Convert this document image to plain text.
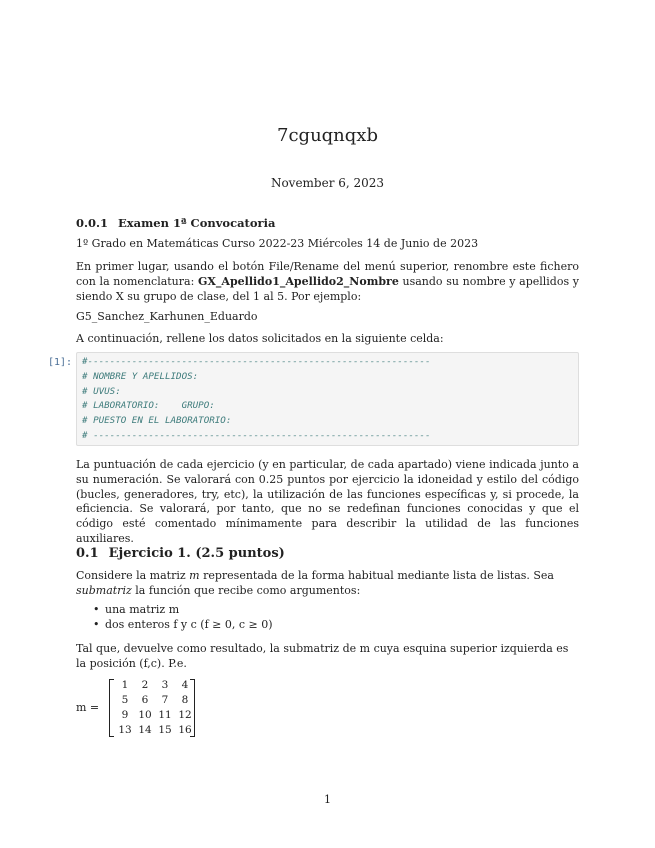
7cguqnqxb
November 6, 2023
0.0.1 Examen 1ª Convocatoria
1º Grado en Matemáticas Curso 2022-23 Miércoles 14 de Junio de 2023
En primer lugar, usando el botón File/Rename del menú superior, renombre este fichero con la nomenclatura: GX_Apellido1_Apellido2_Nombre usando su nombre y apellidos y siendo X su grupo de clase, del 1 al 5. Por ejemplo:
G5_Sanchez_Karhunen_Eduardo
A continuación, rellene los datos solicitados en la siguiente celda:
[1]: #--------------------------------------------------------------
# NOMBRE Y APELLIDOS:
# UVUS:
# LABORATORIO:    GRUPO:
# PUESTO EN EL LABORATORIO:
# -------------------------------------------------------------
La puntuación de cada ejercicio (y en particular, de cada apartado) viene indicada junto a su numeración. Se valorará con 0.25 puntos por ejercicio la idoneidad y estilo del código (bucles, generadores, try, etc), la utilización de las funciones específicas y, si procede, la eficiencia. Se valorará, por tanto, que no se redefinan funciones conocidas y que el código esté comentado mínimamente para describir la utilidad de las funciones auxiliares.
0.1 Ejercicio 1. (2.5 puntos)
Considere la matriz m representada de la forma habitual mediante lista de listas. Sea submatriz la función que recibe como argumentos:
• una matriz m
• dos enteros f y c (f ≥ 0, c ≥ 0)
Tal que, devuelve como resultado, la submatriz de m cuya esquina superior izquierda es la posición (f,c). P.e.
m =
1	2	3	4
5	6	7	8
9	10	11	12
13	14	15	16
1
